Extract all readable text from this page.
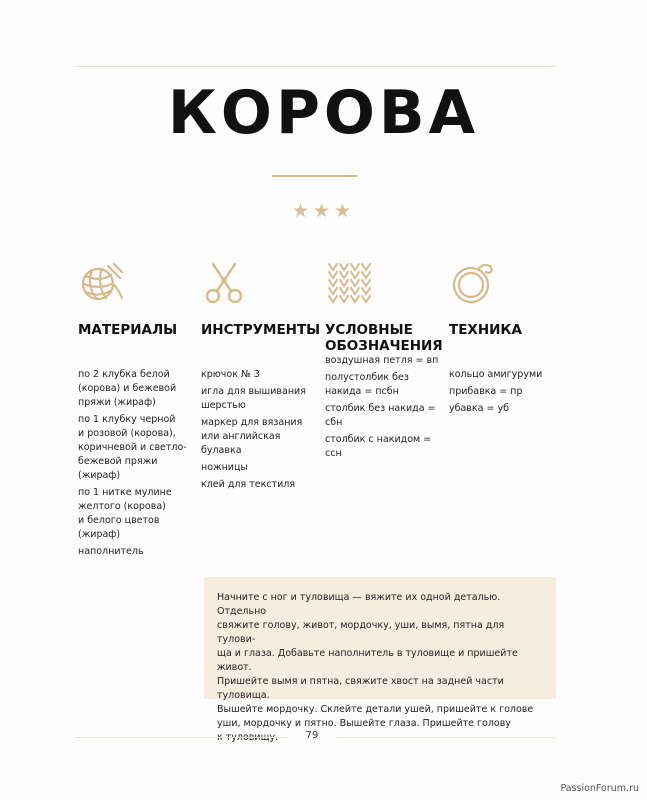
КОРОВА
★★★
МАТЕРИАЛЫ
по 2 клубка белой
(корова) и бежевой
пряжи (жираф)
по 1 клубку черной
и розовой (корова),
коричневой и светло-
бежевой пряжи
(жираф)
по 1 нитке мулине
желтого (корова)
и белого цветов
(жираф)
наполнитель
ИНСТРУМЕНТЫ
крючок № 3
игла для вышивания
шерстью
маркер для вязания
или английская
булавка
ножницы
клей для текстиля
УСЛОВНЫЕ ОБОЗНАЧЕНИЯ
воздушная петля = вп
полустолбик без
накида = псбн
столбик без накида =
сбн
столбик с накидом =
ссн
ТЕХНИКА
кольцо амигуруми
прибавка = пр
убавка = уб
Начните с ног и туловища — вяжите их одной деталью. Отдельно
свяжите голову, живот, мордочку, уши, вымя, пятна для тулови-
ща и глаза. Добавьте наполнитель в туловище и пришейте живот.
Пришейте вымя и пятна, свяжите хвост на задней части туловища.
Вышейте мордочку. Склейте детали ушей, пришейте к голове
уши, мордочку и пятно. Вышейте глаза. Пришейте голову

79
PassionForum.ru
